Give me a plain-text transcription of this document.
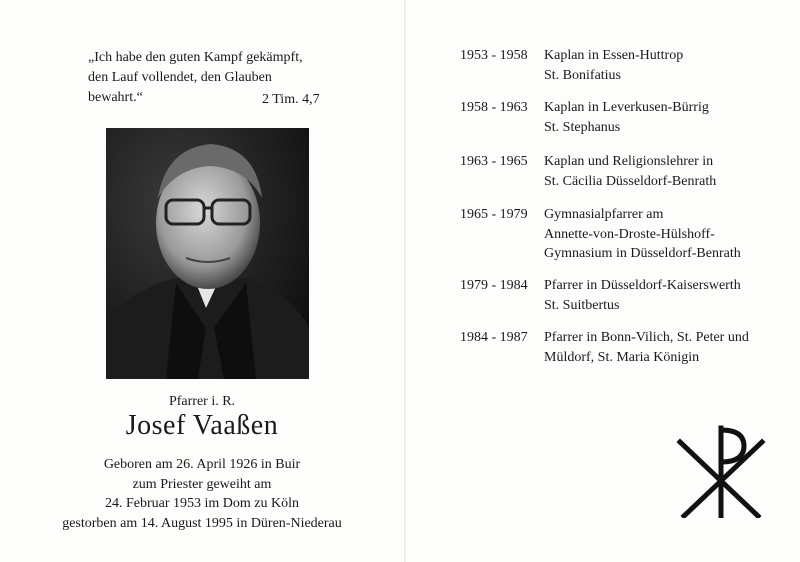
„Ich habe den guten Kampf gekämpft,
den Lauf vollendet, den Glauben
bewahrt.“	2 Tim. 4,7
Pfarrer i. R.
Josef Vaaßen
Geboren am 26. April 1926 in Buir
zum Priester geweiht am
24. Februar 1953 im Dom zu Köln
gestorben am 14. August 1995 in Düren-Niederau
1953 - 1958	Kaplan in Essen-Huttrop
St. Bonifatius
1958 - 1963	Kaplan in Leverkusen-Bürrig
St. Stephanus
1963 - 1965	Kaplan und Religionslehrer in
St. Cäcilia Düsseldorf-Benrath
1965 - 1979	Gymnasialpfarrer am
Annette-von-Droste-Hülshoff-
Gymnasium in Düsseldorf-Benrath
1979 - 1984	Pfarrer in Düsseldorf-Kaiserswerth
St. Suitbertus
1984 - 1987	Pfarrer in Bonn-Vilich, St. Peter und
Müldorf, St. Maria Königin
